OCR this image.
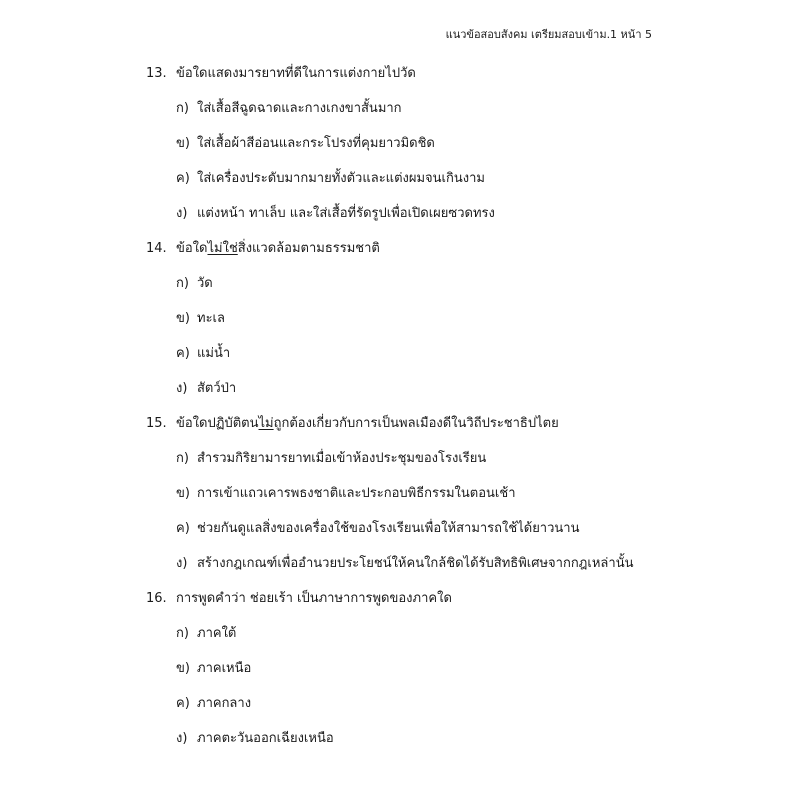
แนวข้อสอบสังคม เตรียมสอบเข้าม.1 หน้า 5
13. ข้อใดแสดงมารยาทที่ดีในการแต่งกายไปวัด
ก) ใส่เสื้อสีฉูดฉาดและกางเกงขาสั้นมาก
ข) ใส่เสื้อผ้าสีอ่อนและกระโปรงที่คุมยาวมิดชิด
ค) ใส่เครื่องประดับมากมายทั้งตัวและแต่งผมจนเกินงาม
ง) แต่งหน้า ทาเล็บ และใส่เสื้อที่รัดรูปเพื่อเปิดเผยซวดทรง
14. ข้อใดไม่ใช่สิ่งแวดล้อมตามธรรมชาติ
ก) วัด
ข) ทะเล
ค) แม่น้ำ
ง) สัตว์ป่า
15. ข้อใดปฏิบัติตนไม่ถูกต้องเกี่ยวกับการเป็นพลเมืองดีในวิถีประชาธิปไตย
ก) สำรวมกิริยามารยาทเมื่อเข้าห้องประชุมของโรงเรียน
ข) การเข้าแถวเคารพธงชาติและประกอบพิธีกรรมในตอนเช้า
ค) ช่วยกันดูแลสิ่งของเครื่องใช้ของโรงเรียนเพื่อให้สามารถใช้ได้ยาวนาน
ง) สร้างกฎเกณฑ์เพื่ออำนวยประโยชน์ให้คนใกล้ชิดได้รับสิทธิพิเศษจากกฎเหล่านั้น
16. การพูดคำว่า ช่อยเร้า เป็นภาษาการพูดของภาคใด
ก) ภาคใต้
ข) ภาคเหนือ
ค) ภาคกลาง
ง) ภาคตะวันออกเฉียงเหนือ
